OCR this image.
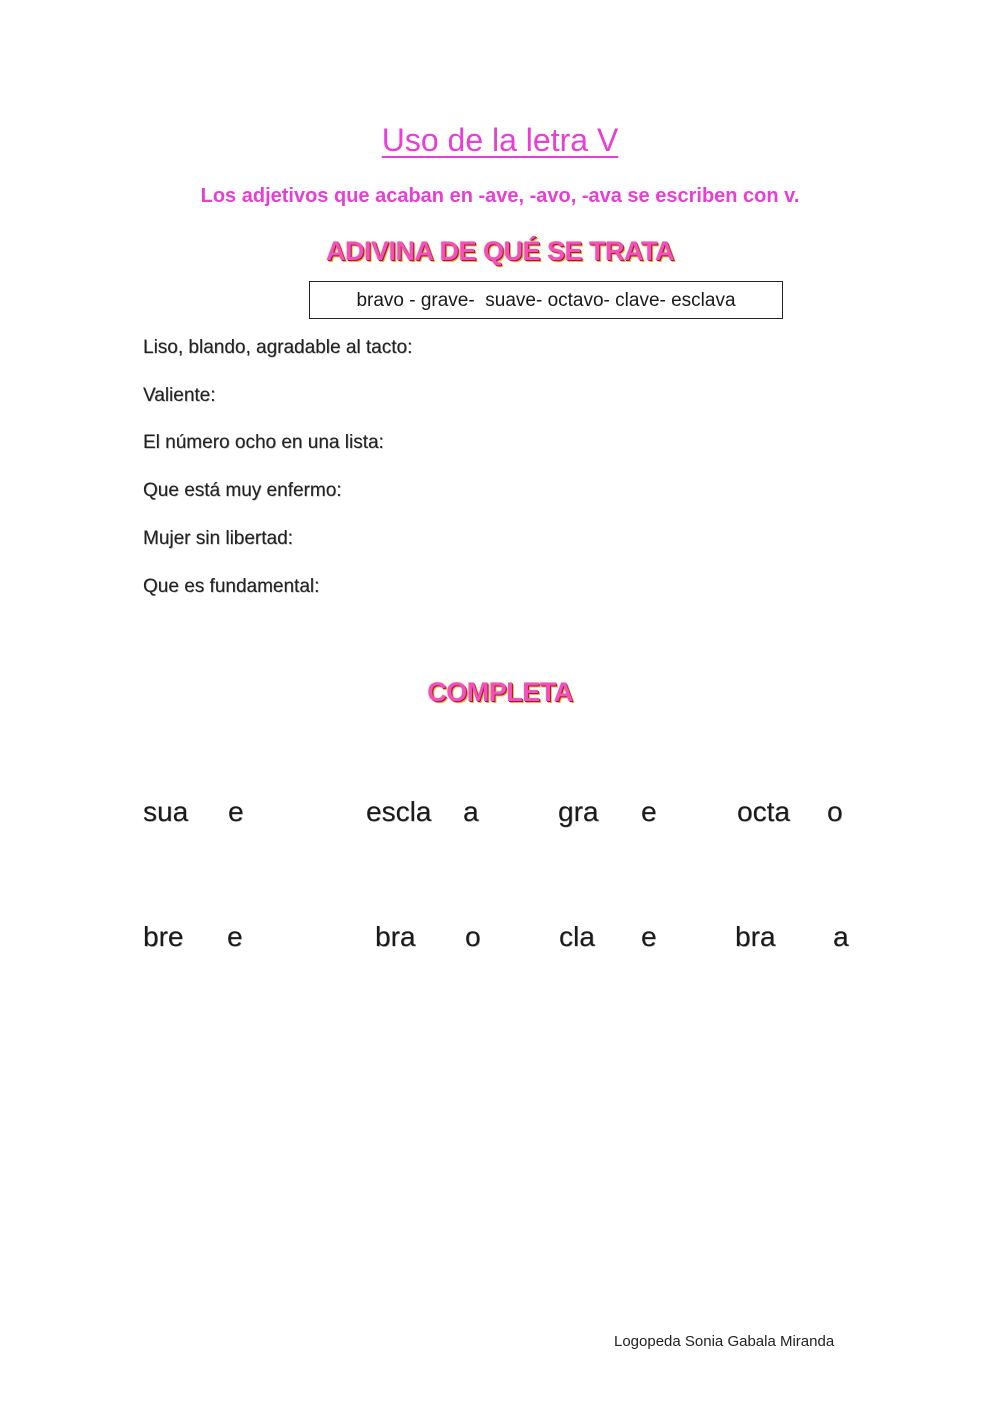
Uso de la letra V
Los adjetivos que acaban en -ave, -avo, -ava se escriben con v.
ADIVINA DE QUÉ SE TRATA
bravo - grave-  suave- octavo- clave- esclava
Liso, blando, agradable al tacto:
Valiente:
El número ocho en una lista:
Que está muy enfermo:
Mujer sin libertad:
Que es fundamental:
COMPLETA
sua e	escla a	gra e	octa o
bre e	bra o	cla e	bra a
Logopeda Sonia Gabala Miranda
